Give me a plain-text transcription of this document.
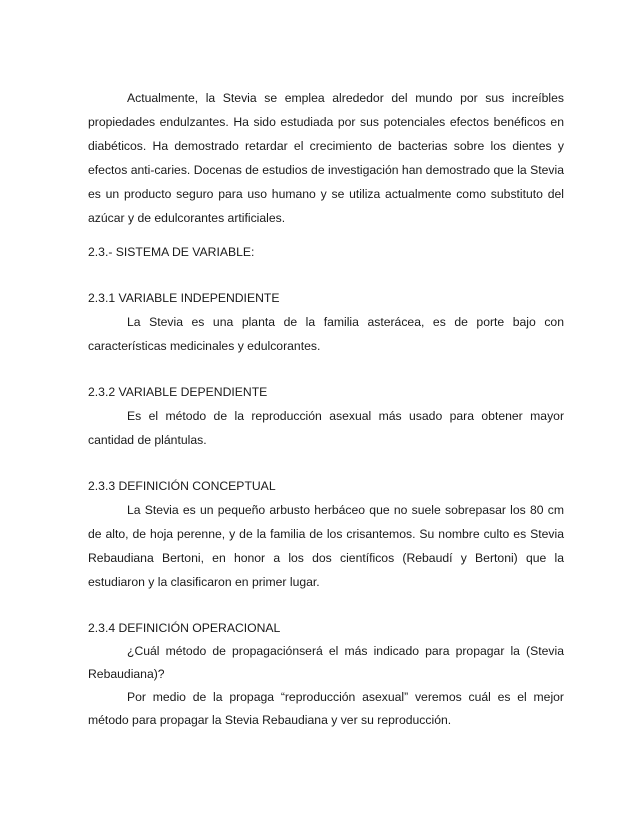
Actualmente, la Stevia se emplea alrededor del mundo por sus increíbles propiedades endulzantes. Ha sido estudiada por sus potenciales efectos benéficos en diabéticos. Ha demostrado retardar el crecimiento de bacterias sobre los dientes y efectos anti-caries. Docenas de estudios de investigación han demostrado que la Stevia es un producto seguro para uso humano y se utiliza actualmente como substituto del azúcar y de edulcorantes artificiales.

2.3.- SISTEMA DE VARIABLE:

2.3.1 VARIABLE INDEPENDIENTE

La Stevia es una planta de la familia asterácea, es de porte bajo con características medicinales y edulcorantes.

2.3.2 VARIABLE DEPENDIENTE

Es el método de la reproducción asexual más usado para obtener mayor cantidad de plántulas.

2.3.3 DEFINICIÓN CONCEPTUAL

La Stevia es un pequeño arbusto herbáceo que no suele sobrepasar los 80 cm de alto, de hoja perenne, y de la familia de los crisantemos. Su nombre culto es Stevia Rebaudiana Bertoni, en honor a los dos científicos (Rebaudí y Bertoni) que la estudiaron y la clasificaron en primer lugar.

2.3.4 DEFINICIÓN OPERACIONAL

¿Cuál método de propagaciónserá el más indicado para propagar la (Stevia Rebaudiana)?

Por medio de la propaga “reproducción asexual” veremos cuál es el mejor método para propagar la Stevia Rebaudiana y ver su reproducción.
